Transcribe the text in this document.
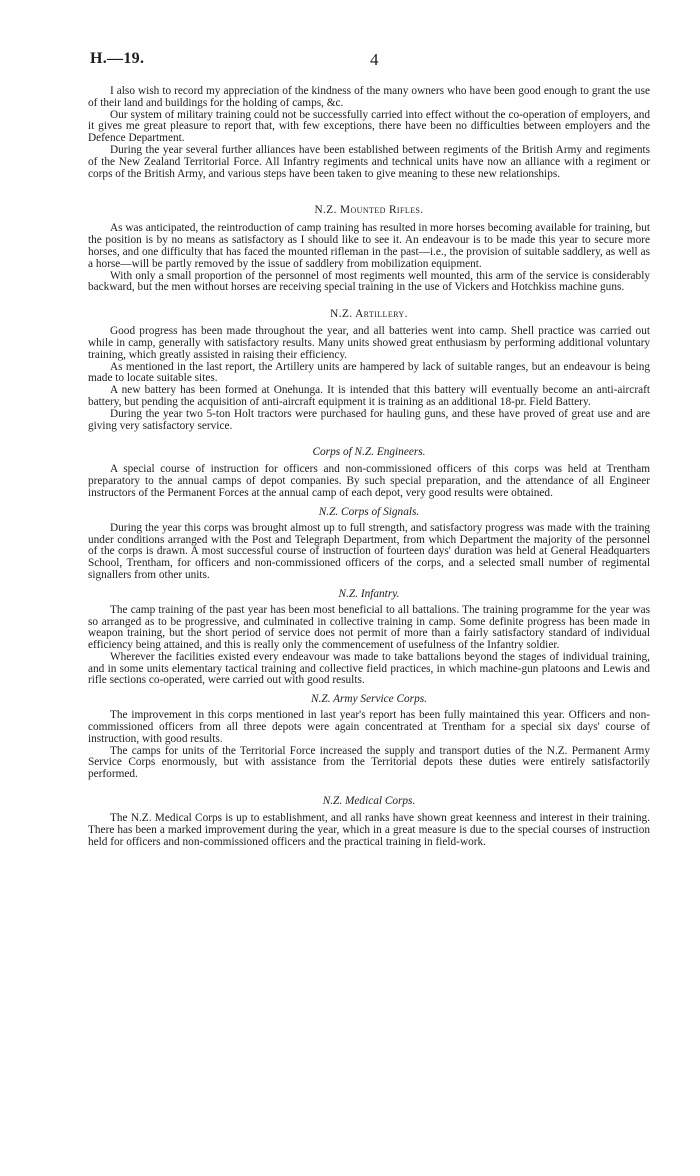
H.—19.	4

I also wish to record my appreciation of the kindness of the many owners who have been good enough to grant the use of their land and buildings for the holding of camps, &c.

Our system of military training could not be successfully carried into effect without the co-operation of employers, and it gives me great pleasure to report that, with few exceptions, there have been no difficulties between employers and the Defence Department.

During the year several further alliances have been established between regiments of the British Army and regiments of the New Zealand Territorial Force. All Infantry regiments and technical units have now an alliance with a regiment or corps of the British Army, and various steps have been taken to give meaning to these new relationships.

N.Z. Mounted Rifles.

As was anticipated, the reintroduction of camp training has resulted in more horses becoming available for training, but the position is by no means as satisfactory as I should like to see it. An endeavour is to be made this year to secure more horses, and one difficulty that has faced the mounted rifleman in the past—i.e., the provision of suitable saddlery, as well as a horse—will be partly removed by the issue of saddlery from mobilization equipment.

With only a small proportion of the personnel of most regiments well mounted, this arm of the service is considerably backward, but the men without horses are receiving special training in the use of Vickers and Hotchkiss machine guns.

N.Z. Artillery.

Good progress has been made throughout the year, and all batteries went into camp. Shell practice was carried out while in camp, generally with satisfactory results. Many units showed great enthusiasm by performing additional voluntary training, which greatly assisted in raising their efficiency.

As mentioned in the last report, the Artillery units are hampered by lack of suitable ranges, but an endeavour is being made to locate suitable sites.

A new battery has been formed at Onehunga. It is intended that this battery will eventually become an anti-aircraft battery, but pending the acquisition of anti-aircraft equipment it is training as an additional 18-pr. Field Battery.

During the year two 5-ton Holt tractors were purchased for hauling guns, and these have proved of great use and are giving very satisfactory service.

Corps of N.Z. Engineers.

A special course of instruction for officers and non-commissioned officers of this corps was held at Trentham preparatory to the annual camps of depot companies. By such special preparation, and the attendance of all Engineer instructors of the Permanent Forces at the annual camp of each depot, very good results were obtained.

N.Z. Corps of Signals.

During the year this corps was brought almost up to full strength, and satisfactory progress was made with the training under conditions arranged with the Post and Telegraph Department, from which Department the majority of the personnel of the corps is drawn. A most successful course of instruction of fourteen days' duration was held at General Headquarters School, Trentham, for officers and non-commissioned officers of the corps, and a selected small number of regimental signallers from other units.

N.Z. Infantry.

The camp training of the past year has been most beneficial to all battalions. The training programme for the year was so arranged as to be progressive, and culminated in collective training in camp. Some definite progress has been made in weapon training, but the short period of service does not permit of more than a fairly satisfactory standard of individual efficiency being attained, and this is really only the commencement of usefulness of the Infantry soldier.

Wherever the facilities existed every endeavour was made to take battalions beyond the stages of individual training, and in some units elementary tactical training and collective field practices, in which machine-gun platoons and Lewis and rifle sections co-operated, were carried out with good results.

N.Z. Army Service Corps.

The improvement in this corps mentioned in last year's report has been fully maintained this year. Officers and non-commissioned officers from all three depots were again concentrated at Trentham for a special six days' course of instruction, with good results.

The camps for units of the Territorial Force increased the supply and transport duties of the N.Z. Permanent Army Service Corps enormously, but with assistance from the Territorial depots these duties were entirely satisfactorily performed.

N.Z. Medical Corps.

The N.Z. Medical Corps is up to establishment, and all ranks have shown great keenness and interest in their training. There has been a marked improvement during the year, which in a great measure is due to the special courses of instruction held for officers and non-commissioned officers and the practical training in field-work.
